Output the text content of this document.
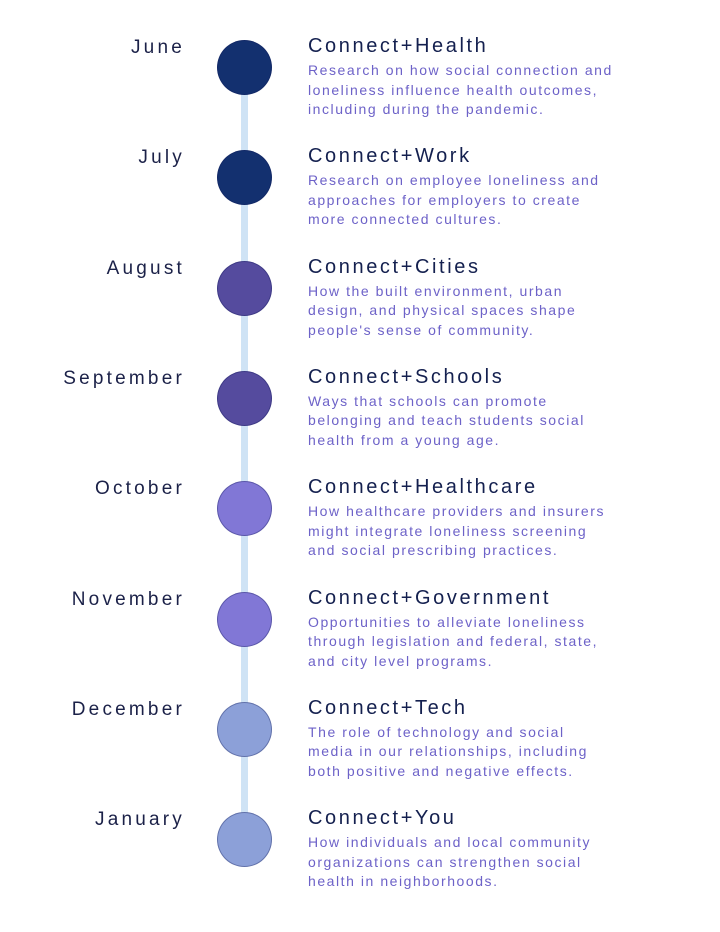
June	Connect+Health
Research on how social connection and
loneliness influence health outcomes,
including during the pandemic.
July	Connect+Work
Research on employee loneliness and
approaches for employers to create
more connected cultures.
August	Connect+Cities
How the built environment, urban
design, and physical spaces shape
people's sense of community.
September	Connect+Schools
Ways that schools can promote
belonging and teach students social
health from a young age.
October	Connect+Healthcare
How healthcare providers and insurers
might integrate loneliness screening
and social prescribing practices.
November	Connect+Government
Opportunities to alleviate loneliness
through legislation and federal, state,
and city level programs.
December	Connect+Tech
The role of technology and social
media in our relationships, including
both positive and negative effects.
January	Connect+You
How individuals and local community
organizations can strengthen social
health in neighborhoods.
